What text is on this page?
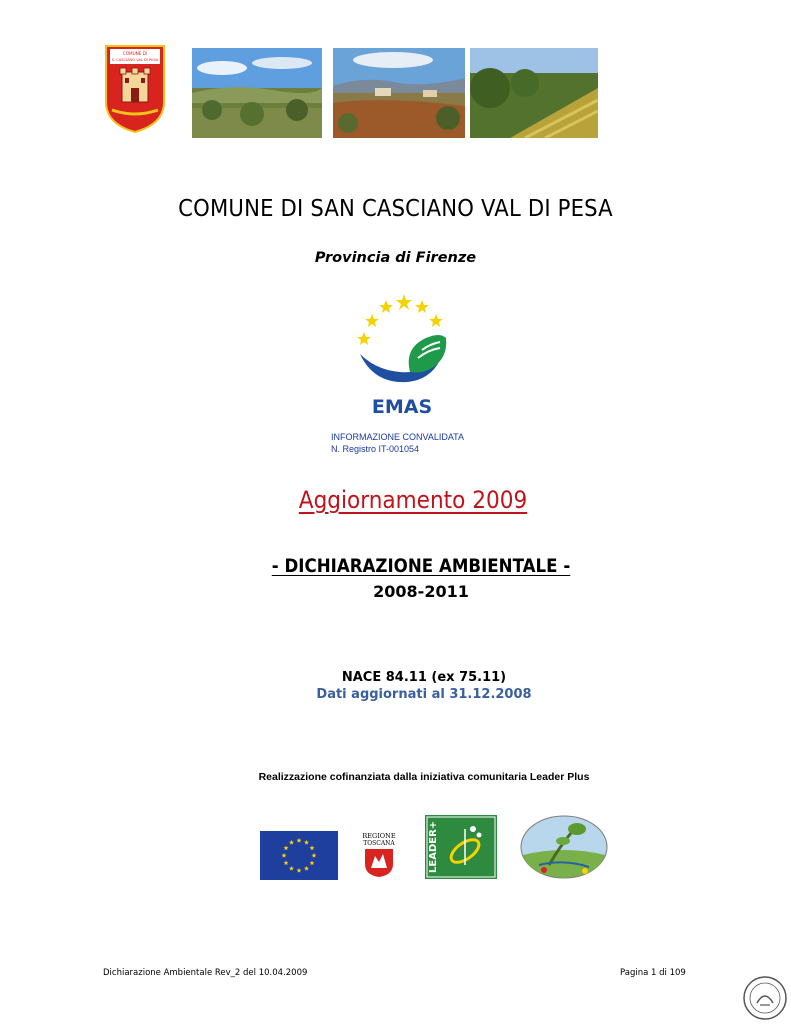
COMUNE DI
S. CASCIANO VAL DI PESA
COMUNE DI SAN CASCIANO VAL DI PESA
Provincia di Firenze
EMAS
INFORMAZIONE CONVALIDATA
N. Registro IT-001054
Aggiornamento 2009
- DICHIARAZIONE AMBIENTALE -
2008-2011
NACE 84.11 (ex 75.11)
Dati aggiornati al 31.12.2008
Realizzazione cofinanziata dalla iniziativa comunitaria Leader Plus
REGIONE
TOSCANA	LEADER+
Dichiarazione Ambientale Rev_2 del 10.04.2009	Pagina 1 di 109
